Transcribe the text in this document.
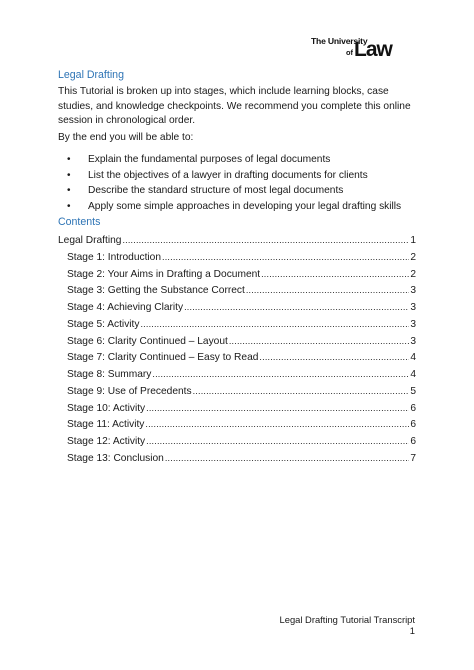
The University
of Law
Legal Drafting
This Tutorial is broken up into stages, which include learning blocks, case studies, and knowledge checkpoints. We recommend you complete this online session in chronological order.
By the end you will be able to:
• Explain the fundamental purposes of legal documents
• List the objectives of a lawyer in drafting documents for clients
• Describe the standard structure of most legal documents
• Apply some simple approaches in developing your legal drafting skills
Contents
Legal Drafting .....	1
Stage 1: Introduction .....	2
Stage 2: Your Aims in Drafting a Document .....	2
Stage 3: Getting the Substance Correct .....	3
Stage 4: Achieving Clarity .....	3
Stage 5: Activity .....	3
Stage 6: Clarity Continued – Layout .....	3
Stage 7: Clarity Continued – Easy to Read .....	4
Stage 8: Summary .....	4
Stage 9: Use of Precedents .....	5
Stage 10: Activity .....	6
Stage 11: Activity .....	6
Stage 12: Activity .....	6
Stage 13: Conclusion .....	7
Legal Drafting Tutorial Transcript
1
